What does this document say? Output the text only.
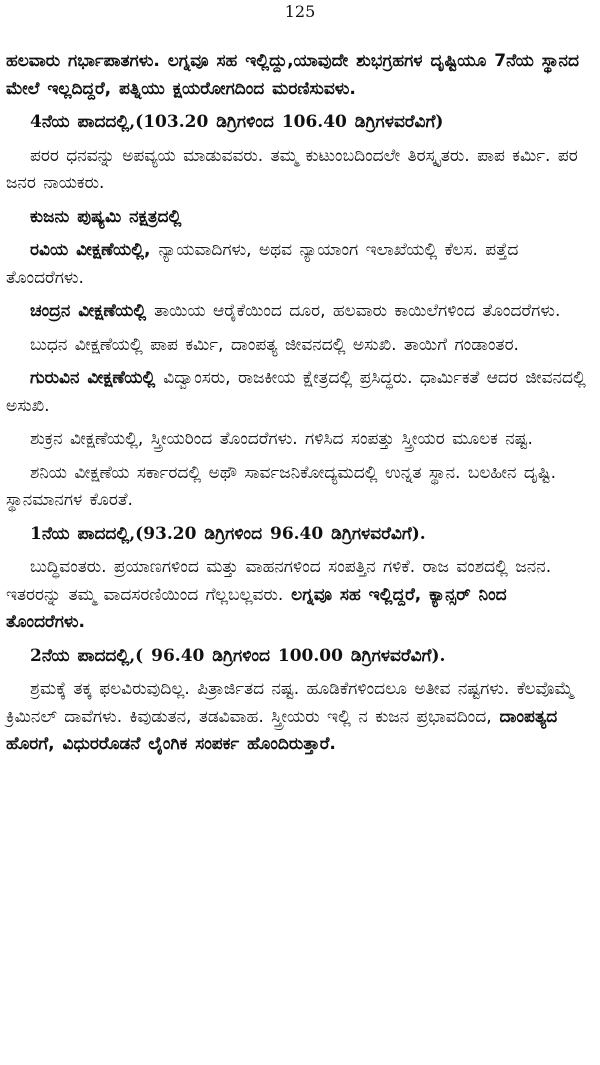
125

ಹಲವಾರು ಗರ್ಭಾಪಾತಗಳು. ಲಗ್ನವೂ ಸಹ ಇಲ್ಲಿದ್ದು,ಯಾವುದೇ ಶುಭಗ್ರಹಗಳ ದೃಷ್ಟಿಯೂ 7ನೆಯ ಸ್ಥಾನದ ಮೇಲೆ ಇಲ್ಲದಿದ್ದರೆ, ಪತ್ನಿಯು ಕ್ಷಯರೋಗದಿಂದ ಮರಣಿಸುವಳು.

4ನೆಯ ಪಾದದಲ್ಲಿ,(103.20 ಡಿಗ್ರಿಗಳಿಂದ 106.40 ಡಿಗ್ರಿಗಳವರೆವಿಗೆ)

ಪರರ ಧನವನ್ನು ಅಪವ್ಯಯ ಮಾಡುವವರು. ತಮ್ಮ ಕುಟುಂಬದಿಂದಲೇ ತಿರಸ್ಕೃತರು. ಪಾಪ ಕರ್ಮಿ. ಪರ ಜನರ ನಾಯಕರು.

ಕುಜನು ಪುಷ್ಯಮಿ ನಕ್ಷತ್ರದಲ್ಲಿ

ರವಿಯ ವೀಕ್ಷಣೆಯಲ್ಲಿ, ನ್ಯಾಯವಾದಿಗಳು, ಅಥವ ನ್ಯಾಯಾಂಗ ಇಲಾಖೆಯಲ್ಲಿ ಕೆಲಸ. ಪತ್ತೆದ ತೊಂದರೆಗಳು.

ಚಂದ್ರನ ವೀಕ್ಷಣೆಯಲ್ಲಿ ತಾಯಿಯ ಆರೈಕೆಯಿಂದ ದೂರ, ಹಲವಾರು ಕಾಯಿಲೆಗಳಿಂದ ತೊಂದರೆಗಳು.

ಬುಧನ ವೀಕ್ಷಣೆಯಲ್ಲಿ ಪಾಪ ಕರ್ಮಿ, ದಾಂಪತ್ಯ ಜೀವನದಲ್ಲಿ ಅಸುಖಿ. ತಾಯಿಗೆ ಗಂಡಾಂತರ.

ಗುರುವಿನ ವೀಕ್ಷಣೆಯಲ್ಲಿ ವಿದ್ವಾಂಸರು, ರಾಜಕೀಯ ಕ್ಷೇತ್ರದಲ್ಲಿ ಪ್ರಸಿದ್ಧರು. ಧಾರ್ಮಿಕತೆ ಆದರ ಜೀವನದಲ್ಲಿ ಅಸುಖಿ.

ಶುಕ್ರನ ವೀಕ್ಷಣೆಯಲ್ಲಿ, ಸ್ತ್ರೀಯರಿಂದ ತೊಂದರೆಗಳು. ಗಳಿಸಿದ ಸಂಪತ್ತು ಸ್ತ್ರೀಯರ ಮೂಲಕ ನಷ್ಟ.

ಶನಿಯ ವೀಕ್ಷಣೆಯ ಸರ್ಕಾರದಲ್ಲಿ ಅಥೌ ಸಾರ್ವಜನಿಕೋದ್ಯಮದಲ್ಲಿ ಉನ್ನತ ಸ್ಥಾನ. ಬಲಹೀನ ದೃಷ್ಟಿ. ಸ್ಥಾನಮಾನಗಳ ಕೊರತೆ.

1ನೆಯ ಪಾದದಲ್ಲಿ,(93.20 ಡಿಗ್ರಿಗಳಿಂದ 96.40 ಡಿಗ್ರಿಗಳವರೆವಿಗೆ).

ಬುದ್ಧಿವಂತರು. ಪ್ರಯಾಣಗಳಿಂದ ಮತ್ತು ವಾಹನಗಳಿಂದ ಸಂಪತ್ತಿನ ಗಳಿಕೆ. ರಾಜ ವಂಶದಲ್ಲಿ ಜನನ. ಇತರರನ್ನು ತಮ್ಮ ವಾದಸರಣಿಯಿಂದ ಗೆಲ್ಲಬಲ್ಲವರು. ಲಗ್ನವೂ ಸಹ ಇಲ್ಲಿದ್ದರೆ, ಕ್ಯಾನ್ಸರ್ ನಿಂದ ತೊಂದರೆಗಳು.

2ನೆಯ ಪಾದದಲ್ಲಿ,( 96.40 ಡಿಗ್ರಿಗಳಿಂದ 100.00 ಡಿಗ್ರಿಗಳವರೆವಿಗೆ).

ಶ್ರಮಕ್ಕೆ ತಕ್ಕ ಫಲವಿರುವುದಿಲ್ಲ. ಪಿತ್ರಾರ್ಜಿತದ ನಷ್ಟ. ಹೂಡಿಕೆಗಳಿಂದಲೂ ಅತೀವ ನಷ್ಟಗಳು. ಕೆಲವೊಮ್ಮೆ ಕ್ರಿಮಿನಲ್ ದಾವೆಗಳು. ಕಿವುಡುತನ, ತಡವಿವಾಹ. ಸ್ತ್ರೀಯರು ಇಲ್ಲಿ ನ ಕುಜನ ಪ್ರಭಾವದಿಂದ, ದಾಂಪತ್ಯದ ಹೊರಗೆ, ವಿಧುರರೊಡನೆ ಲೈಂಗಿಕ ಸಂಪರ್ಕ ಹೊಂದಿರುತ್ತಾರೆ.
